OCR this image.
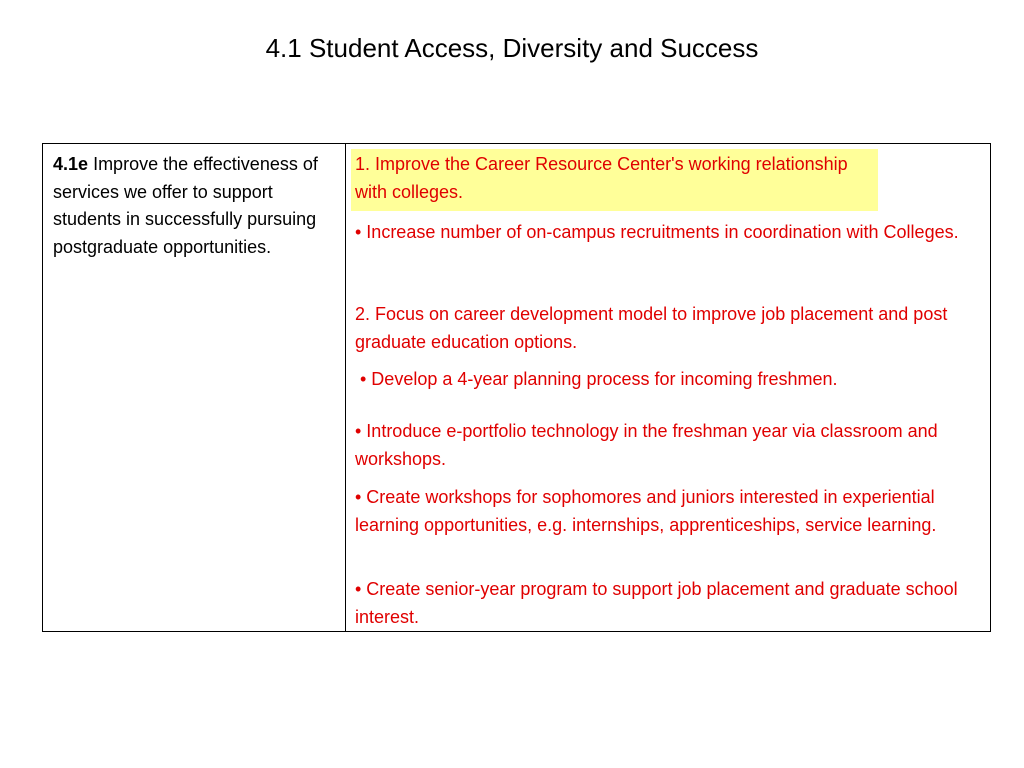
4.1 Student Access, Diversity and Success
4.1e Improve the effectiveness of services we offer to support students in successfully pursuing postgraduate opportunities.
1. Improve the Career Resource Center's working relationship with colleges.
• Increase number of on-campus recruitments in coordination with Colleges.
2. Focus on career development model to improve job placement and post graduate education options.
• Develop a 4-year planning process for incoming freshmen.
• Introduce e-portfolio technology in the freshman year via classroom and workshops.
• Create workshops for sophomores and juniors interested in experiential learning opportunities, e.g. internships, apprenticeships, service learning.
• Create senior-year program to support job placement and graduate school interest.
